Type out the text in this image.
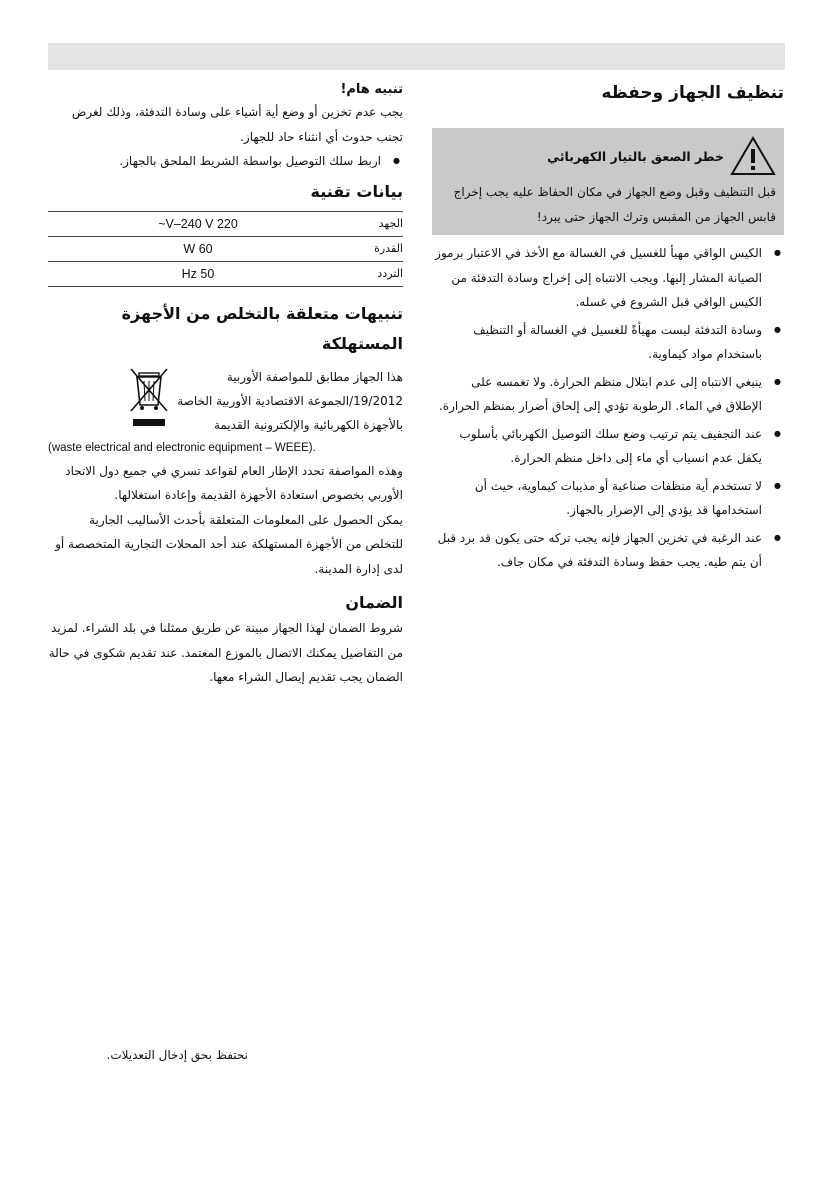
تنظيف الجهاز وحفظه
خطر الصعق بالتيار الكهربائي

قبل التنظيف وقبل وضع الجهاز في مكان الحفاظ عليه يجب إخراج قابس الجهاز من المقبس وترك الجهاز حتى يبرد!

● الكيس الواقي مهيأ للغسيل في الغسالة مع الأخذ في الاعتبار برموز الصيانة المشار إليها. ويجب الانتباه إلى إخراج وسادة التدفئة من الكيس الواقي قبل الشروع في غسله.
● وسادة التدفئة ليست مهيأةً للغسيل في الغسالة أو التنظيف باستخدام مواد كيماوية.
● ينبغي الانتباه إلى عدم ابتلال منظم الحرارة. ولا تغمسه على الإطلاق في الماء. الرطوبة تؤدي إلى إلحاق أضرار بمنظم الحرارة.
● عند التجفيف يتم ترتيب وضع سلك التوصيل الكهربائي بأسلوب يكفل عدم انسياب أي ماء إلى داخل منظم الحرارة.
● لا تستخدم أية منظفات صناعية أو مذيبات كيماوية، حيث أن استخدامها قد يؤدي إلى الإضرار بالجهاز.
● عند الرغبة في تخزين الجهاز فإنه يجب تركه حتى يكون قد برد قبل أن يتم طيه. يجب حفظ وسادة التدفئة في مكان جاف.
تنبيه هام!

يجب عدم تخزين أو وضع أية أشياء على وسادة التدفئة، وذلك لغرض تجنب حدوث أي انثناء حاد للجهاز.

● اربط سلك التوصيل بواسطة الشريط الملحق بالجهاز.
بيانات تقنية
الجهد	220 V–240 V~
القدرة	60 W
التردد	50 Hz
تنبيهات متعلقة بالتخلص من الأجهزة المستهلكة

هذا الجهاز مطابق للمواصفة الأوربية

19/2012/الجموعة الاقتصادية الأوربية الخاصة

بالأجهزة الكهربائية والإلكترونية القديمة

(waste electrical and electronic equipment – WEEE).

وهذه المواصفة تحدد الإطار العام لقواعد تسري في جميع دول الاتحاد الأوربي بخصوص استعادة الأجهزة القديمة وإعادة استغلالها.

يمكن الحصول على المعلومات المتعلقة بأحدث الأساليب الجارية للتخلص من الأجهزة المستهلكة عند أحد المحلات التجارية المتخصصة أو لدى إدارة المدينة.

الضمان

شروط الضمان لهذا الجهاز مبينة عن طريق ممثلنا في بلد الشراء. لمزيد من التفاصيل يمكنك الاتصال بالموزع المعتمد. عند تقديم شكوى في حالة الضمان يجب تقديم إيصال الشراء معها.

نحتفظ بحق إدخال التعديلات.
